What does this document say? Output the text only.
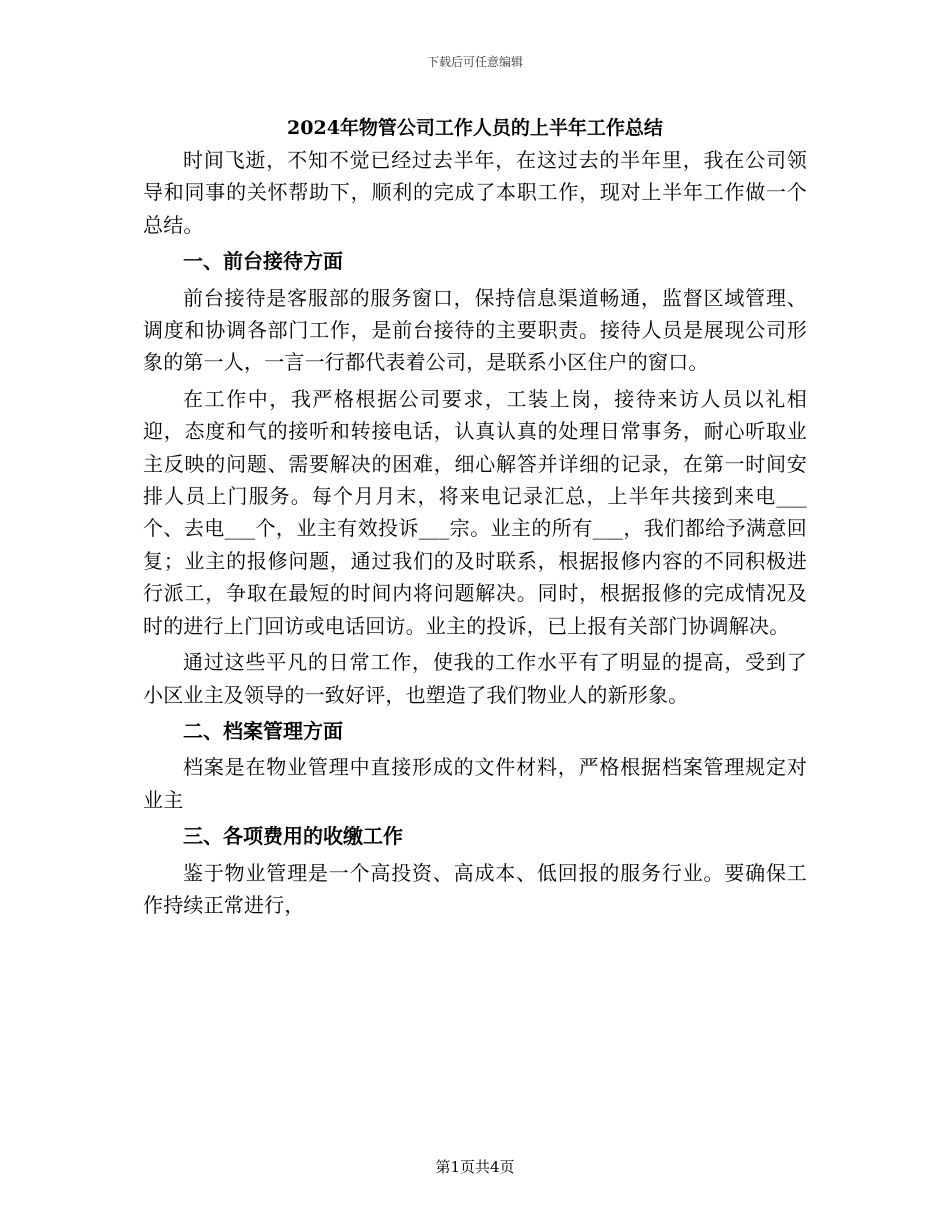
下载后可任意编辑
2024年物管公司工作人员的上半年工作总结

时间飞逝，不知不觉已经过去半年，在这过去的半年里，我在公司领导和同事的关怀帮助下，顺利的完成了本职工作，现对上半年工作做一个总结。

一、前台接待方面

前台接待是客服部的服务窗口，保持信息渠道畅通，监督区域管理、调度和协调各部门工作，是前台接待的主要职责。接待人员是展现公司形象的第一人，一言一行都代表着公司，是联系小区住户的窗口。

在工作中，我严格根据公司要求，工装上岗，接待来访人员以礼相迎，态度和气的接听和转接电话，认真认真的处理日常事务，耐心听取业主反映的问题、需要解决的困难，细心解答并详细的记录，在第一时间安排人员上门服务。每个月月末，将来电记录汇总，上半年共接到来电___个、去电___个，业主有效投诉___宗。业主的所有___，我们都给予满意回复；业主的报修问题，通过我们的及时联系，根据报修内容的不同积极进行派工，争取在最短的时间内将问题解决。同时，根据报修的完成情况及时的进行上门回访或电话回访。业主的投诉，已上报有关部门协调解决。

通过这些平凡的日常工作，使我的工作水平有了明显的提高，受到了小区业主及领导的一致好评，也塑造了我们物业人的新形象。

二、档案管理方面

档案是在物业管理中直接形成的文件材料，严格根据档案管理规定对业主

三、各项费用的收缴工作

鉴于物业管理是一个高投资、高成本、低回报的服务行业。要确保工作持续正常进行，

第1页共4页
